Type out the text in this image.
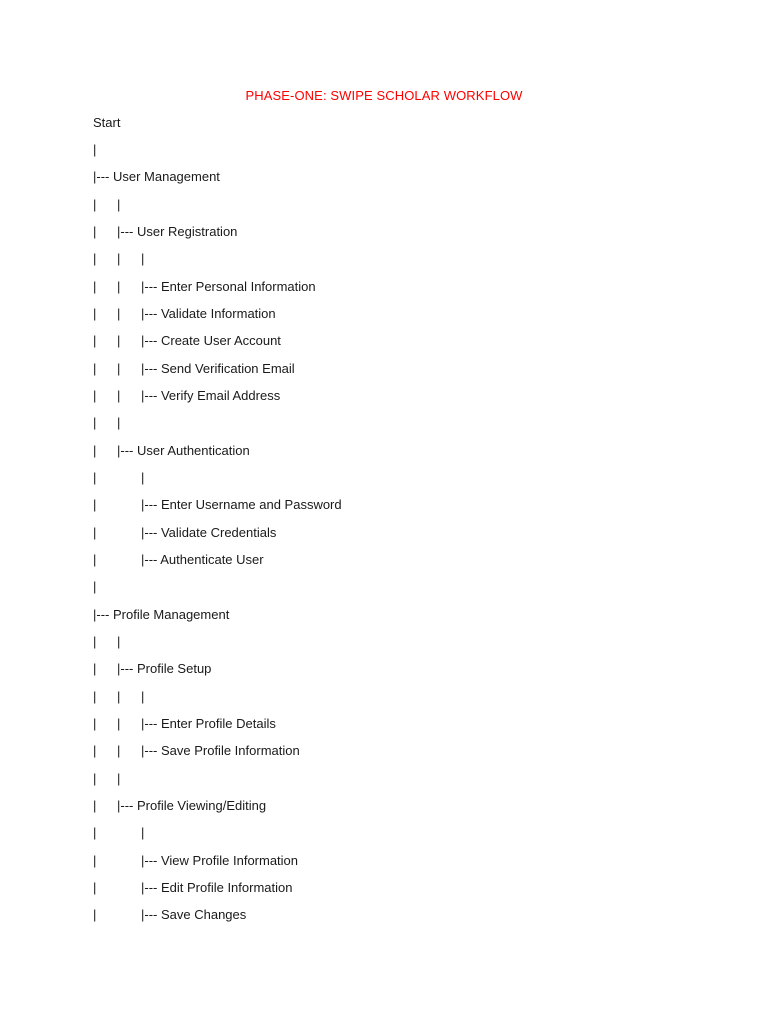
PHASE-ONE: SWIPE SCHOLAR WORKFLOW
Start
|
|--- User Management
| |
| |--- User Registration
| | |
| | |--- Enter Personal Information
| | |--- Validate Information
| | |--- Create User Account
| | |--- Send Verification Email
| | |--- Verify Email Address
| |
| |--- User Authentication
|	|
|	|--- Enter Username and Password
|	|--- Validate Credentials
|	|--- Authenticate User
|
|--- Profile Management
| |
| |--- Profile Setup
| | |
| | |--- Enter Profile Details
| | |--- Save Profile Information
| |
| |--- Profile Viewing/Editing
|	|
|	|--- View Profile Information
|	|--- Edit Profile Information
|	|--- Save Changes
